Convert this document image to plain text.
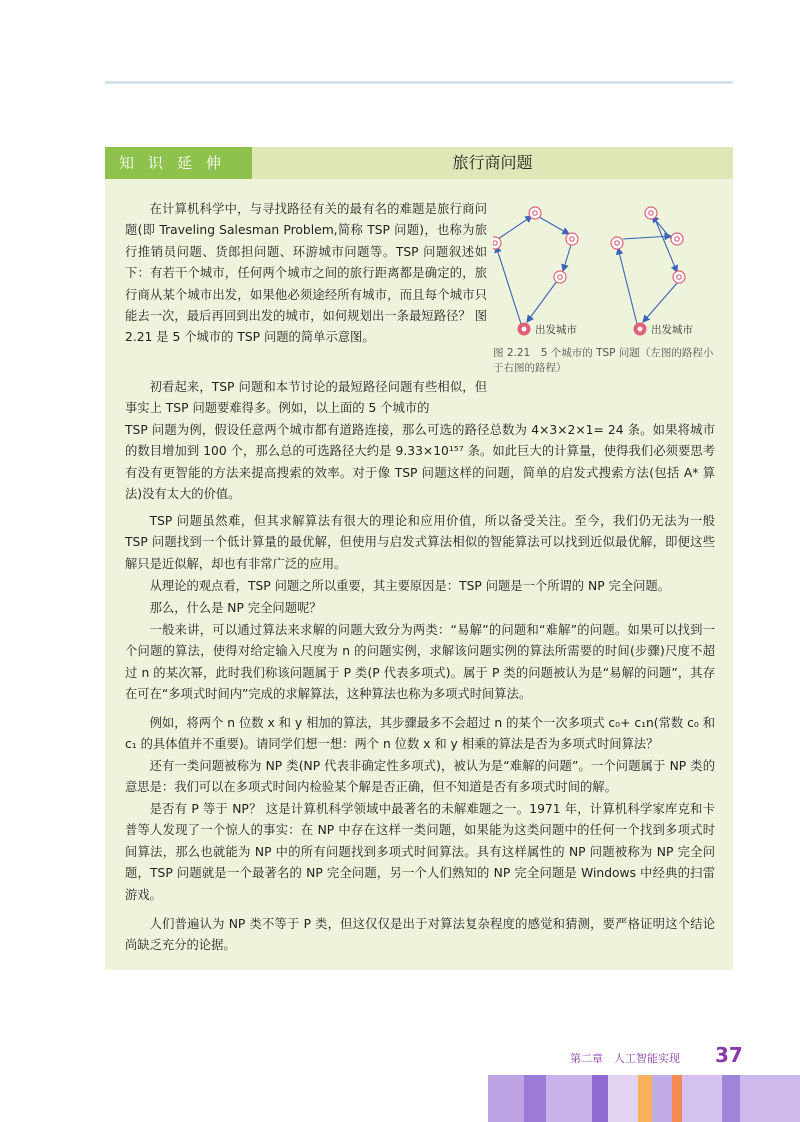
知识延伸	旅行商问题

在计算机科学中，与寻找路径有关的最有名的难题是旅行商问题(即 Traveling Salesman Problem,简称 TSP 问题)，也称为旅行推销员问题、货郎担问题、环游城市问题等。TSP 问题叙述如下：有若干个城市，任何两个城市之间的旅行距离都是确定的，旅行商从某个城市出发，如果他必须途经所有城市，而且每个城市只能去一次，最后再回到出发的城市，如何规划出一条最短路径？ 图 2.21 是 5 个城市的 TSP 问题的简单示意图。

初看起来，TSP 问题和本节讨论的最短路径问题有些相似，但事实上 TSP 问题要难得多。例如，以上面的 5 个城市的

TSP 问题为例，假设任意两个城市都有道路连接，那么可选的路径总数为 4×3×2×1= 24 条。如果将城市的数目增加到 100 个，那么总的可选路径大约是 9.33×10¹⁵⁷ 条。如此巨大的计算量，使得我们必须要思考有没有更智能的方法来提高搜索的效率。对于像 TSP 问题这样的问题，简单的启发式搜索方法(包括 A* 算法)没有太大的价值。

TSP 问题虽然难，但其求解算法有很大的理论和应用价值，所以备受关注。至今，我们仍无法为一般 TSP 问题找到一个低计算量的最优解，但使用与启发式算法相似的智能算法可以找到近似最优解，即便这些解只是近似解，却也有非常广泛的应用。

从理论的观点看，TSP 问题之所以重要，其主要原因是：TSP 问题是一个所谓的 NP 完全问题。

那么，什么是 NP 完全问题呢？

一般来讲，可以通过算法来求解的问题大致分为两类：“易解”的问题和“难解”的问题。如果可以找到一个问题的算法，使得对给定输入尺度为 n 的问题实例，求解该问题实例的算法所需要的时间(步骤)尺度不超过 n 的某次幂，此时我们称该问题属于 P 类(P 代表多项式)。属于 P 类的问题被认为是“易解的问题”，其存在可在“多项式时间内”完成的求解算法，这种算法也称为多项式时间算法。

例如，将两个 n 位数 x 和 y 相加的算法，其步骤最多不会超过 n 的某个一次多项式 c₀+ c₁n(常数 c₀ 和 c₁ 的具体值并不重要)。请同学们想一想：两个 n 位数 x 和 y 相乘的算法是否为多项式时间算法？

还有一类问题被称为 NP 类(NP 代表非确定性多项式)，被认为是“难解的问题”。一个问题属于 NP 类的意思是：我们可以在多项式时间内检验某个解是否正确，但不知道是否有多项式时间的解。

是否有 P 等于 NP？ 这是计算机科学领域中最著名的未解难题之一。1971 年，计算机科学家库克和卡普等人发现了一个惊人的事实：在 NP 中存在这样一类问题，如果能为这类问题中的任何一个找到多项式时间算法，那么也就能为 NP 中的所有问题找到多项式时间算法。具有这样属性的 NP 问题被称为 NP 完全问题，TSP 问题就是一个最著名的 NP 完全问题，另一个人们熟知的 NP 完全问题是 Windows 中经典的扫雷游戏。

人们普遍认为 NP 类不等于 P 类，但这仅仅是出于对算法复杂程度的感觉和猜测，要严格证明这个结论尚缺乏充分的论据。

出发城市	出发城市

图 2.21　5 个城市的 TSP 问题（左图的路程小于右图的路程）

第二章　人工智能实现 37
